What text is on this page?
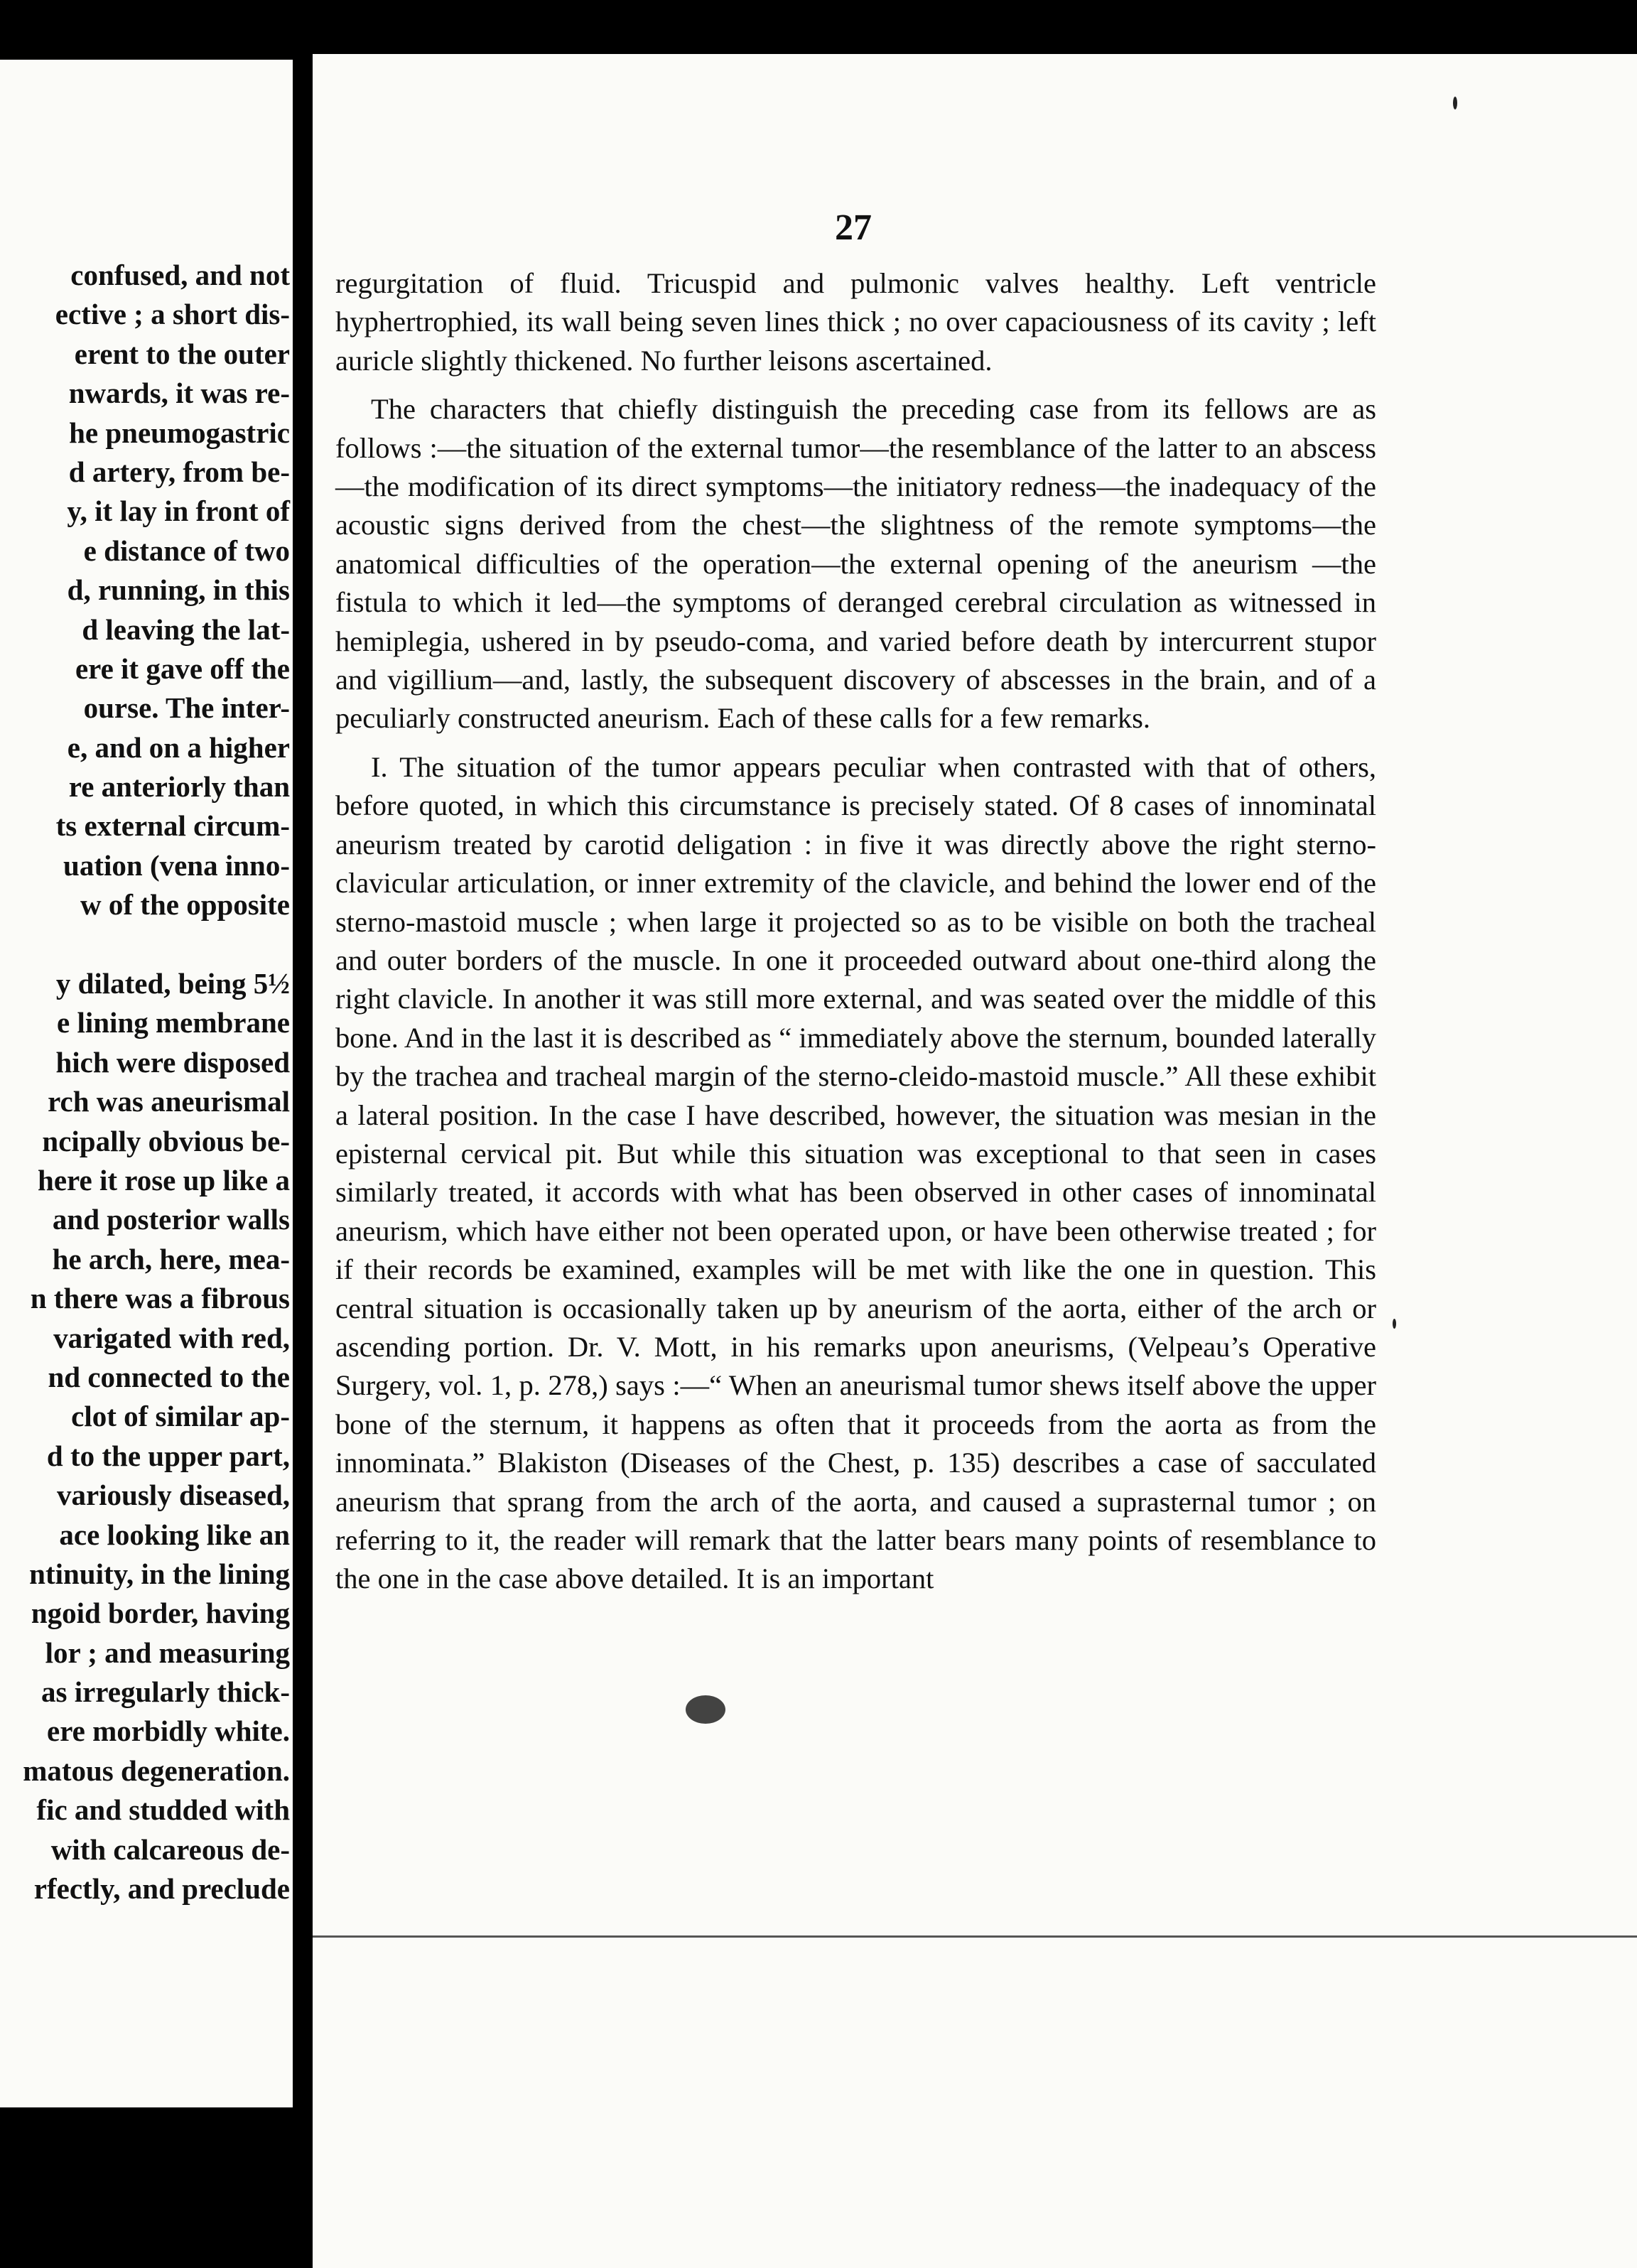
confused, and not
ective ; a short dis-
erent to the outer
nwards, it was re-
he pneumogastric
d artery, from be-
y, it lay in front of
e distance of two
d, running, in this
d leaving the lat-
ere it gave off the
ourse. The inter-
e, and on a higher
re anteriorly than
ts external circum-
uation (vena inno-
w of the opposite
y dilated, being 5½
e lining membrane
hich were disposed
rch was aneurismal
ncipally obvious be-
here it rose up like a
and posterior walls
he arch, here, mea-
n there was a fibrous
varigated with red,
nd connected to the
clot of similar ap-
d to the upper part,
variously diseased,
ace looking like an
ntinuity, in the lining
ngoid border, having
lor ; and measuring
as irregularly thick-
ere morbidly white.
matous degeneration.
fic and studded with
with calcareous de-
rfectly, and preclude
27

regurgitation of fluid. Tricuspid and pulmonic valves healthy. Left ventricle hyphertrophied, its wall being seven lines thick ; no over capaciousness of its cavity ; left auricle slightly thickened. No further leisons ascertained.

The characters that chiefly distinguish the preceding case from its fellows are as follows :—the situation of the external tumor—the resemblance of the latter to an abscess—the modification of its direct symptoms—the initiatory redness—the inadequacy of the acoustic signs derived from the chest—the slightness of the remote symptoms—the anatomical difficulties of the operation—the external opening of the aneurism —the fistula to which it led—the symptoms of deranged cerebral circulation as witnessed in hemiplegia, ushered in by pseudo-coma, and varied before death by intercurrent stupor and vigillium—and, lastly, the subsequent discovery of abscesses in the brain, and of a peculiarly constructed aneurism. Each of these calls for a few remarks.

I. The situation of the tumor appears peculiar when contrasted with that of others, before quoted, in which this circumstance is precisely stated. Of 8 cases of innominatal aneurism treated by carotid deligation : in five it was directly above the right sterno-clavicular articulation, or inner extremity of the clavicle, and behind the lower end of the sterno-mastoid muscle ; when large it projected so as to be visible on both the tracheal and outer borders of the muscle. In one it proceeded outward about one-third along the right clavicle. In another it was still more external, and was seated over the middle of this bone. And in the last it is described as “ immediately above the sternum, bounded laterally by the trachea and tracheal margin of the sterno-cleido-mastoid muscle.” All these exhibit a lateral position. In the case I have described, however, the situation was mesian in the episternal cervical pit. But while this situation was exceptional to that seen in cases similarly treated, it accords with what has been observed in other cases of innominatal aneurism, which have either not been operated upon, or have been otherwise treated ; for if their records be examined, examples will be met with like the one in question. This central situation is occasionally taken up by aneurism of the aorta, either of the arch or ascending portion. Dr. V. Mott, in his remarks upon aneurisms, (Velpeau’s Operative Surgery, vol. 1, p. 278,) says :—“ When an aneurismal tumor shews itself above the upper bone of the sternum, it happens as often that it proceeds from the aorta as from the innominata.” Blakiston (Diseases of the Chest, p. 135) describes a case of sacculated aneurism that sprang from the arch of the aorta, and caused a suprasternal tumor ; on referring to it, the reader will remark that the latter bears many points of resemblance to the one in the case above detailed. It is an important
